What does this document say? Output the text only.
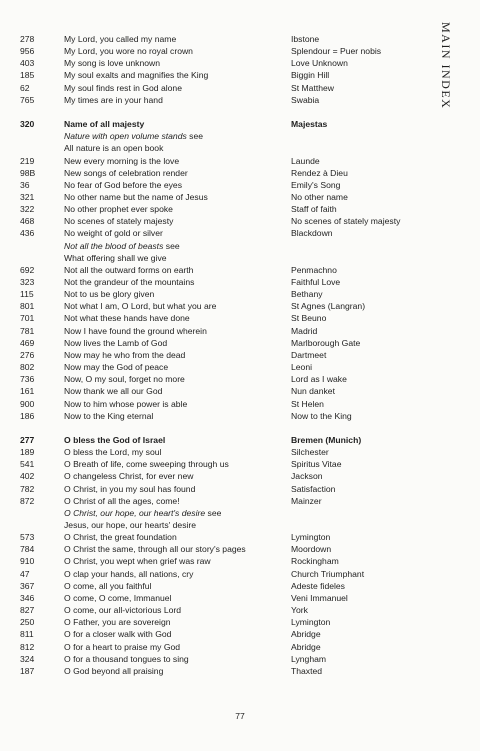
278	My Lord, you called my name	Ibstone
956	My Lord, you wore no royal crown	Splendour = Puer nobis
403	My song is love unknown	Love Unknown
185	My soul exalts and magnifies the King	Biggin Hill
62	My soul finds rest in God alone	St Matthew
765	My times are in your hand	Swabia
320	Name of all majesty	Majestas
Nature with open volume stands see
All nature is an open book
219	New every morning is the love	Launde
98B	New songs of celebration render	Rendez à Dieu
36	No fear of God before the eyes	Emily's Song
321	No other name but the name of Jesus	No other name
322	No other prophet ever spoke	Staff of faith
468	No scenes of stately majesty	No scenes of stately majesty
436	No weight of gold or silver	Blackdown
Not all the blood of beasts see
What offering shall we give
692	Not all the outward forms on earth	Penmachno
323	Not the grandeur of the mountains	Faithful Love
115	Not to us be glory given	Bethany
801	Not what I am, O Lord, but what you are	St Agnes (Langran)
701	Not what these hands have done	St Beuno
781	Now I have found the ground wherein	Madrid
469	Now lives the Lamb of God	Marlborough Gate
276	Now may he who from the dead	Dartmeet
802	Now may the God of peace	Leoni
736	Now, O my soul, forget no more	Lord as I wake
161	Now thank we all our God	Nun danket
900	Now to him whose power is able	St Helen
186	Now to the King eternal	Now to the King
277	O bless the God of Israel	Bremen (Munich)
189	O bless the Lord, my soul	Silchester
541	O Breath of life, come sweeping through us	Spiritus Vitae
402	O changeless Christ, for ever new	Jackson
782	O Christ, in you my soul has found	Satisfaction
872	O Christ of all the ages, come!	Mainzer
O Christ, our hope, our heart's desire see
Jesus, our hope, our hearts' desire
573	O Christ, the great foundation	Lymington
784	O Christ the same, through all our story's pages	Moordown
910	O Christ, you wept when grief was raw	Rockingham
47	O clap your hands, all nations, cry	Church Triumphant
367	O come, all you faithful	Adeste fideles
346	O come, O come, Immanuel	Veni Immanuel
827	O come, our all-victorious Lord	York
250	O Father, you are sovereign	Lymington
811	O for a closer walk with God	Abridge
812	O for a heart to praise my God	Abridge
324	O for a thousand tongues to sing	Lyngham
187	O God beyond all praising	Thaxted
MAIN INDEX
77
